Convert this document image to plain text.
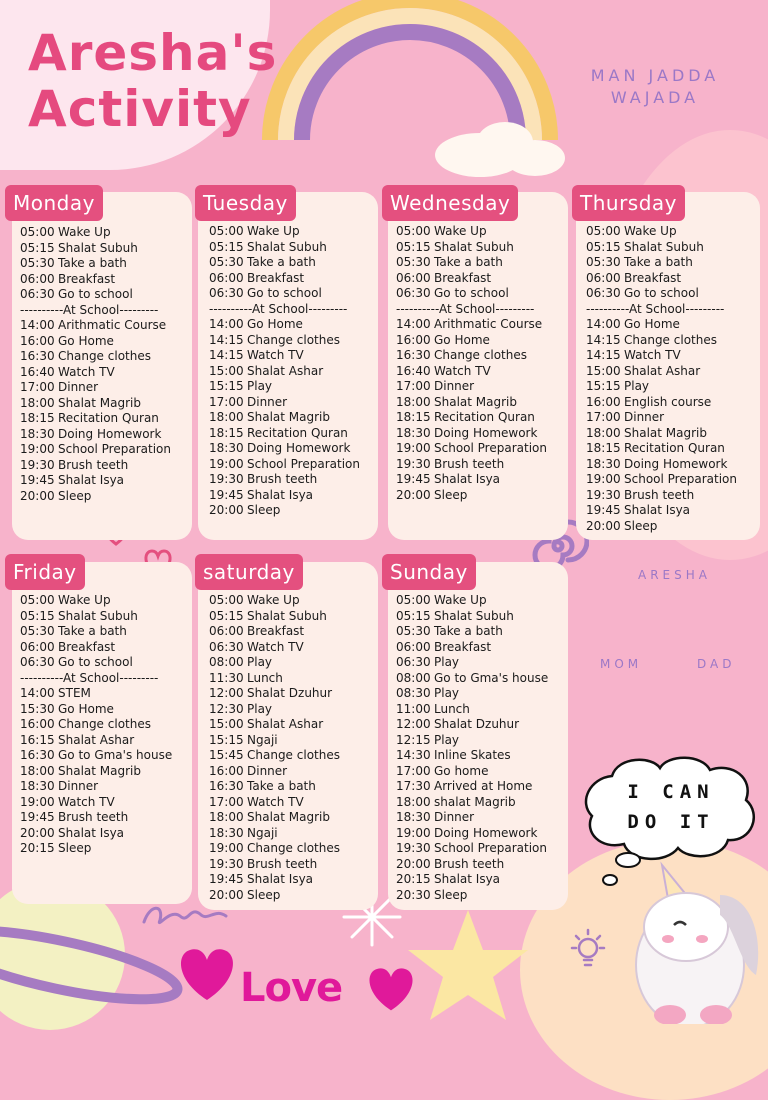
Aresha's
Activity
MAN JADDA
WAJADA
Monday	Tuesday	Wednesday	Thursday
Friday	saturday	Sunday
05:00 Wake Up
05:15 Shalat Subuh
05:30 Take a bath
06:00 Breakfast
06:30 Go to school
----------At School---------
14:00 Arithmatic Course
16:00 Go Home
16:30 Change clothes
16:40 Watch TV
17:00 Dinner
18:00 Shalat Magrib
18:15 Recitation Quran
18:30 Doing Homework
19:00 School Preparation
19:30 Brush teeth
19:45 Shalat Isya
20:00 Sleep
05:00 Wake Up
05:15 Shalat Subuh
05:30 Take a bath
06:00 Breakfast
06:30 Go to school
----------At School---------
14:00 Go Home
14:15 Change clothes
14:15 Watch TV
15:00 Shalat Ashar
15:15 Play
17:00 Dinner
18:00 Shalat Magrib
18:15 Recitation Quran
18:30 Doing Homework
19:00 School Preparation
19:30 Brush teeth
19:45 Shalat Isya
20:00 Sleep
05:00 Wake Up
05:15 Shalat Subuh
05:30 Take a bath
06:00 Breakfast
06:30 Go to school
----------At School---------
14:00 Arithmatic Course
16:00 Go Home
16:30 Change clothes
16:40 Watch TV
17:00 Dinner
18:00 Shalat Magrib
18:15 Recitation Quran
18:30 Doing Homework
19:00 School Preparation
19:30 Brush teeth
19:45 Shalat Isya
20:00 Sleep
05:00 Wake Up
05:15 Shalat Subuh
05:30 Take a bath
06:00 Breakfast
06:30 Go to school
----------At School---------
14:00 Go Home
14:15 Change clothes
14:15 Watch TV
15:00 Shalat Ashar
15:15 Play
16:00 English course
17:00 Dinner
18:00 Shalat Magrib
18:15 Recitation Quran
18:30 Doing Homework
19:00 School Preparation
19:30 Brush teeth
19:45 Shalat Isya
20:00 Sleep
05:00 Wake Up
05:15 Shalat Subuh
05:30 Take a bath
06:00 Breakfast
06:30 Go to school
----------At School---------
14:00 STEM
15:30 Go Home
16:00 Change clothes
16:15 Shalat Ashar
16:30 Go to Gma's house
18:00 Shalat Magrib
18:30 Dinner
19:00 Watch TV
19:45 Brush teeth
20:00 Shalat Isya
20:15 Sleep
05:00 Wake Up
05:15 Shalat Subuh
06:00 Breakfast
06:30 Watch TV
08:00 Play
11:30 Lunch
12:00 Shalat Dzuhur
12:30 Play
15:00 Shalat Ashar
15:15 Ngaji
15:45 Change clothes
16:00 Dinner
16:30 Take a bath
17:00 Watch TV
18:00 Shalat Magrib
18:30 Ngaji
19:00 Change clothes
19:30 Brush teeth
19:45 Shalat Isya
20:00 Sleep
05:00 Wake Up
05:15 Shalat Subuh
05:30 Take a bath
06:00 Breakfast
06:30 Play
08:00 Go to Gma's house
08:30 Play
11:00 Lunch
12:00 Shalat Dzuhur
12:15 Play
14:30 Inline Skates
17:00 Go home
17:30 Arrived at Home
18:00 shalat Magrib
18:30 Dinner
19:00 Doing Homework
19:30 School Preparation
20:00 Brush teeth
20:15 Shalat Isya
20:30 Sleep
ARESHA
MOM	DAD
I CAN
DO IT
Love
